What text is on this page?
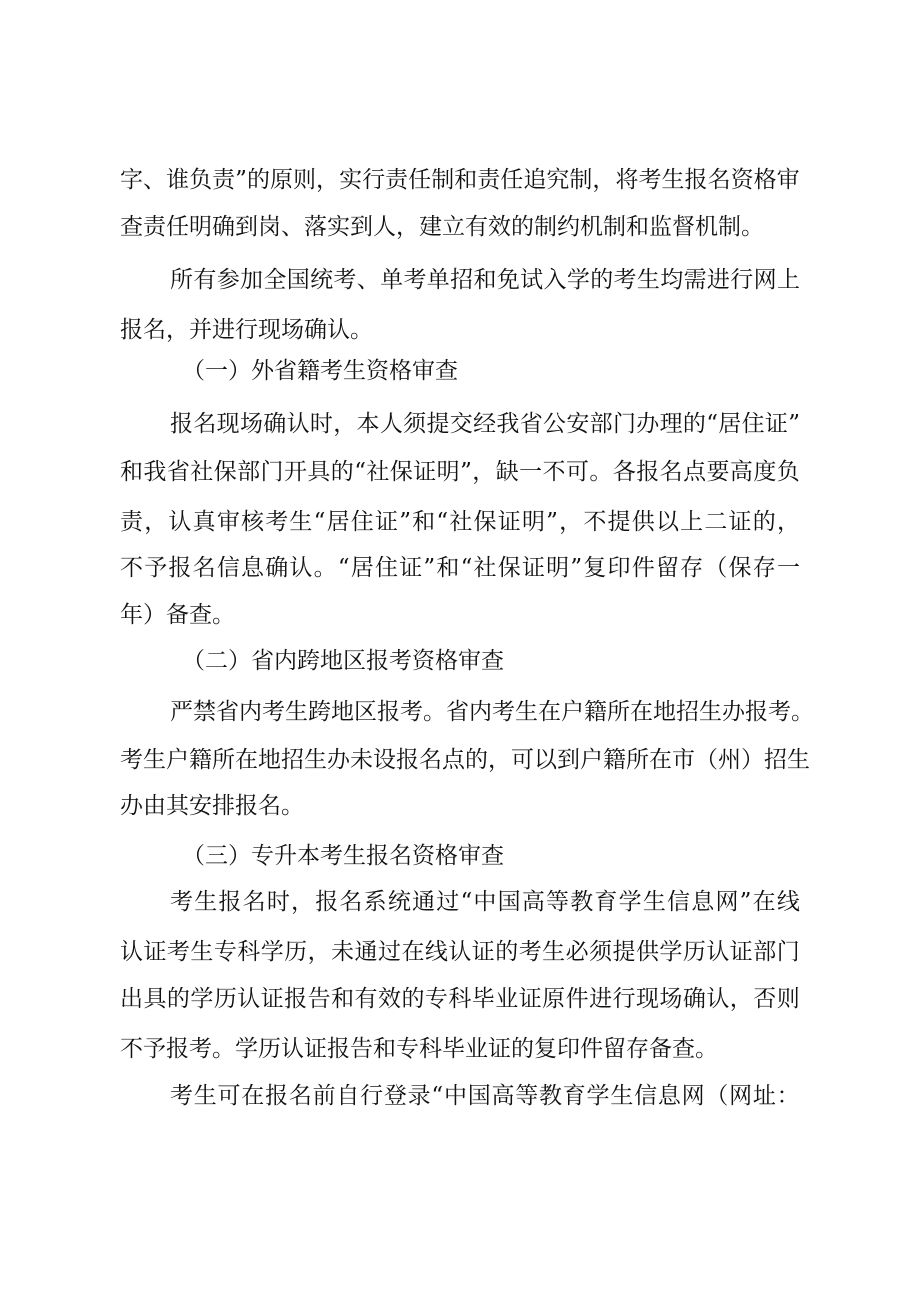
字 、 谁 负 责 ” 的 原 则 ， 实 行 责 任 制 和 责 任 追 究 制 ， 将 考 生 报 名 资 格 审
查责任明确到岗、落实到人，建立有效的制约机制和监督机制。
所 有 参 加 全 国 统 考 、 单 考 单 招 和 免 试 入 学 的 考 生 均 需 进 行 网 上
报名，并进行现场确认。
（一）外省籍考生资格审查
报 名 现 场 确 认 时 ， 本 人 须 提 交 经 我 省 公 安 部 门 办 理 的 “ 居 住 证 ”
和 我 省 社 保 部 门 开 具 的 “ 社 保 证 明 ” ， 缺 一 不 可 。 各 报 名 点 要 高 度 负
责 ， 认 真 审 核 考 生 “ 居 住 证 ” 和 “ 社 保 证 明 ” ， 不 提 供 以 上 二 证 的 ，
不 予 报 名 信 息 确 认 。 “ 居 住 证 ” 和 “ 社 保 证 明 ” 复 印 件 留 存 （ 保 存 一
年）备查。
（二）省内跨地区报考资格审查
严 禁 省 内 考 生 跨 地 区 报 考 。 省 内 考 生 在 户 籍 所 在 地 招 生 办 报 考 。
考 生 户 籍 所 在 地 招 生 办 未 设 报 名 点 的 ， 可 以 到 户 籍 所 在 市 （ 州 ） 招 生
办由其安排报名。
（三）专升本考生报名资格审查
考 生 报 名 时 ， 报 名 系 统 通 过 “ 中 国 高 等 教 育 学 生 信 息 网 ” 在 线
认 证 考 生 专 科 学 历 ， 未 通 过 在 线 认 证 的 考 生 必 须 提 供 学 历 认 证 部 门
出 具 的 学 历 认 证 报 告 和 有 效 的 专 科 毕 业 证 原 件 进 行 现 场 确 认 ， 否 则
不予报考。学历认证报告和专科毕业证的复印件留存备查。
考 生 可 在 报 名 前 自 行 登 录 “ 中 国 高 等 教 育 学 生 信 息 网 （ 网 址 ：
